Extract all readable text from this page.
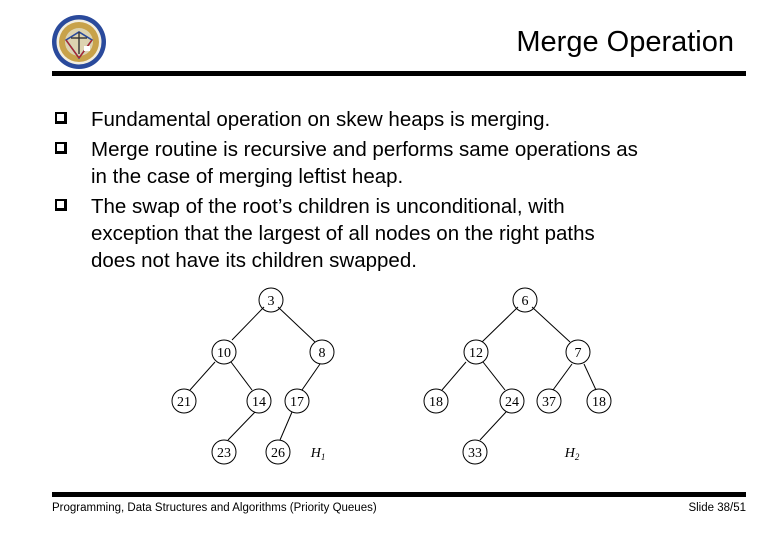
Merge Operation
Fundamental operation on skew heaps is merging.
Merge routine is recursive and performs same operations as
in the case of merging leftist heap.
The swap of the root’s children is unconditional, with
exception that the largest of all nodes on the right paths
does not have its children swapped.
3
10	8
21	14 17
23	26 $H_1$
6
12	7
18	24 37	18
33	$H_2$
Programming, Data Structures and Algorithms (Priority Queues)	Slide 38/51
